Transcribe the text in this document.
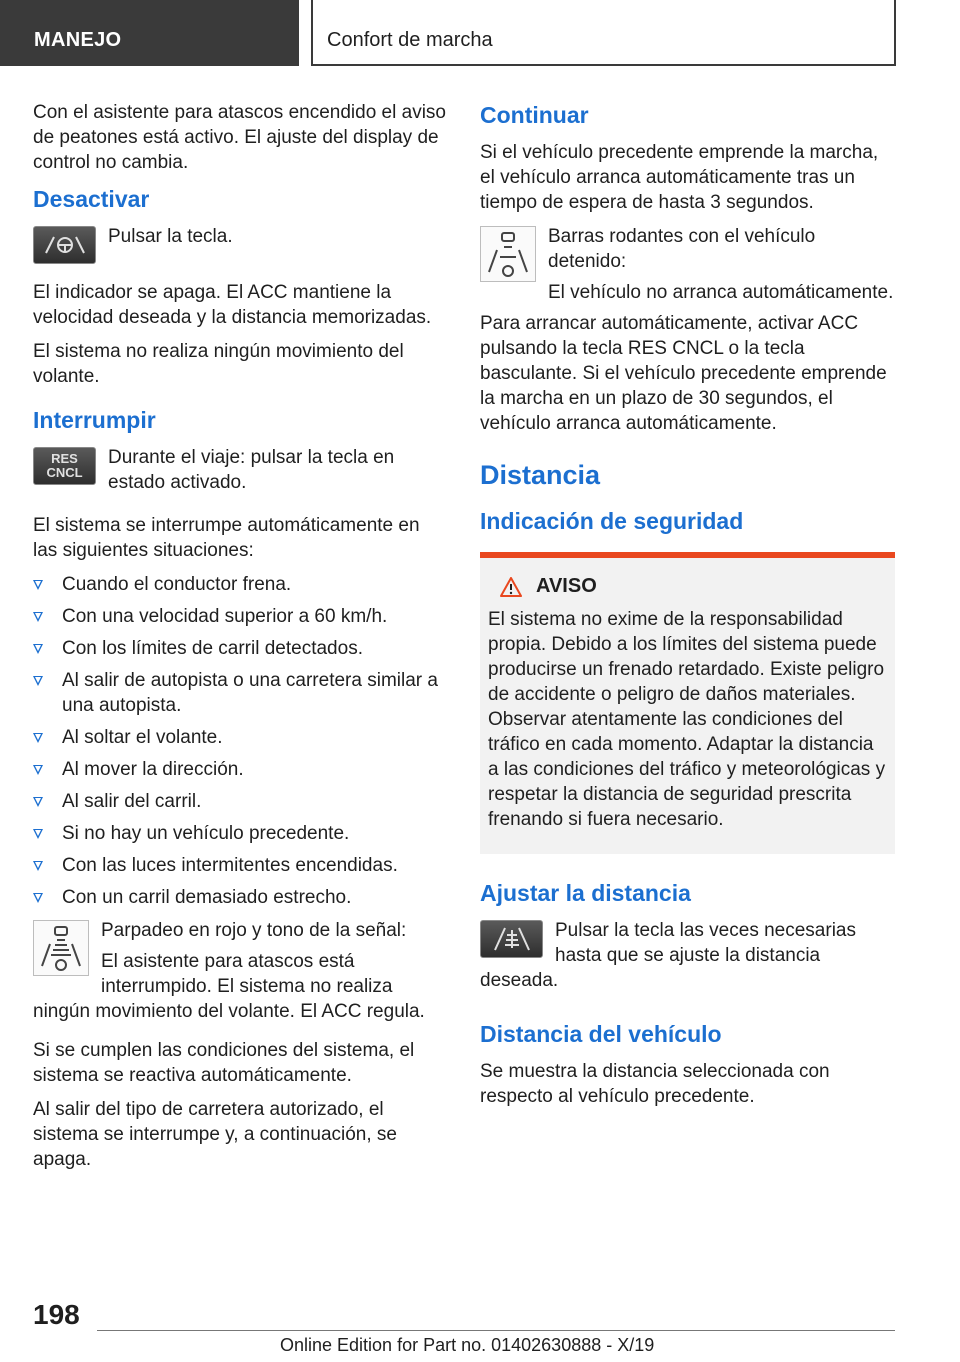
MANEJO	Confort de marcha

Con el asistente para atascos encendido el aviso de peatones está activo. El ajuste del display de control no cambia.

Desactivar

Pulsar la tecla.

El indicador se apaga. El ACC mantiene la velocidad deseada y la distancia memorizadas.

El sistema no realiza ningún movimiento del volante.

Interrumpir
RES CNCL

Durante el viaje: pulsar la tecla en estado activado.

El sistema se interrumpe automáticamente en las siguientes situaciones:

Cuando el conductor frena.
Con una velocidad superior a 60 km/h.
Con los límites de carril detectados.
Al salir de autopista o una carretera similar a una autopista.
Al soltar el volante.
Al mover la dirección.
Al salir del carril.
Si no hay un vehículo precedente.
Con las luces intermitentes encendidas.
Con un carril demasiado estrecho.

Parpadeo en rojo y tono de la señal:

El asistente para atascos está interrumpido. El sistema no realiza ningún movimiento del volante. El ACC regula.

Si se cumplen las condiciones del sistema, el sistema se reactiva automáticamente.

Al salir del tipo de carretera autorizado, el sistema se interrumpe y, a continuación, se apaga.

Continuar

Si el vehículo precedente emprende la marcha, el vehículo arranca automáticamente tras un tiempo de espera de hasta 3 segundos.

Barras rodantes con el vehículo detenido:

El vehículo no arranca automáticamente.

Para arrancar automáticamente, activar ACC pulsando la tecla RES CNCL o la tecla basculante. Si el vehículo precedente emprende la marcha en un plazo de 30 segundos, el vehículo arranca automáticamente.

Distancia
Indicación de seguridad
AVISO

El sistema no exime de la responsabilidad propia. Debido a los límites del sistema puede producirse un frenado retardado. Existe peligro de accidente o peligro de daños materiales. Observar atentamente las condiciones del tráfico en cada momento. Adaptar la distancia a las condiciones del tráfico y meteorológicas y respetar la distancia de seguridad prescrita frenando si fuera necesario.

Ajustar la distancia

Pulsar la tecla las veces necesarias hasta que se ajuste la distancia deseada.

Distancia del vehículo

Se muestra la distancia seleccionada con respecto al vehículo precedente.

198
Online Edition for Part no. 01402630888 - X/19
